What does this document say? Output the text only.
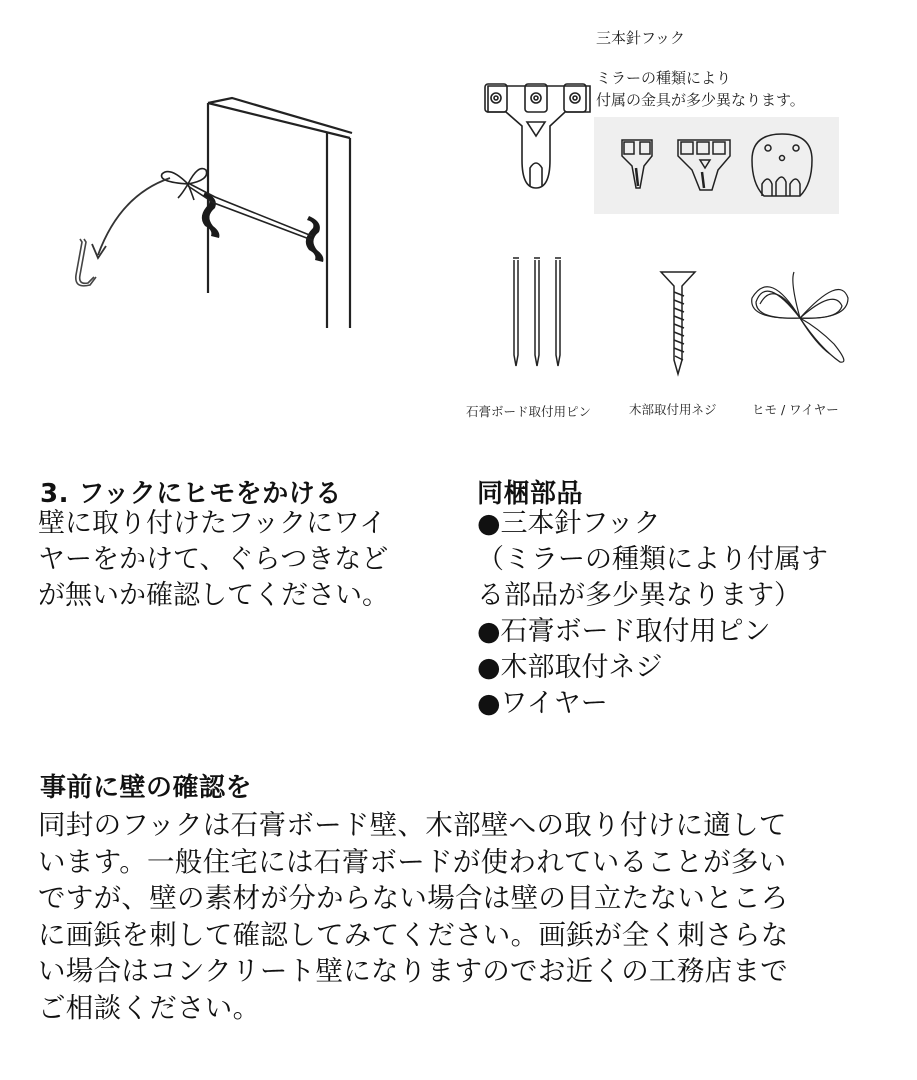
三本針フック
ミラーの種類により
付属の金具が多少異なります。
石膏ボード取付用ピン	木部取付用ネジ	ヒモ / ワイヤー
3. フックにヒモをかける
壁に取り付けたフックにワイ
ヤーをかけて、ぐらつきなど
が無いか確認してください。
同梱部品
●三本針フック
（ミラーの種類により付属す
る部品が多少異なります）
●石膏ボード取付用ピン
●木部取付ネジ
●ワイヤー
事前に壁の確認を
同封のフックは石膏ボード壁、木部壁への取り付けに適して
います。一般住宅には石膏ボードが使われていることが多い
ですが、壁の素材が分からない場合は壁の目立たないところ
に画鋲を刺して確認してみてください。画鋲が全く刺さらな
い場合はコンクリート壁になりますのでお近くの工務店まで
ご相談ください。
